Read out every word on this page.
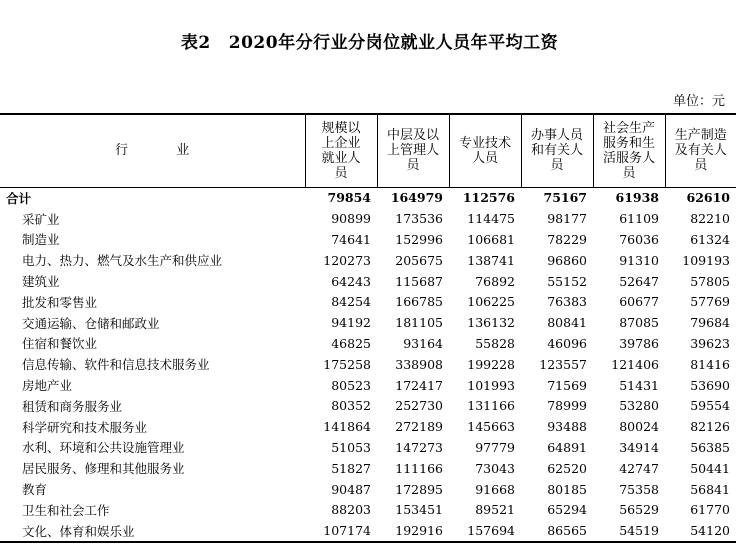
表2 2020年分行业分岗位就业人员年平均工资
单位：元
行 业	规模以上企业就业人员	中层及以上管理人员	专业技术人员	办事人员和有关人员	社会生产服务和生活服务人员	生产制造及有关人员
合计	79854	164979	112576	75167	61938	62610
采矿业	90899	173536	114475	98177	61109	82210
制造业	74641	152996	106681	78229	76036	61324
电力、热力、燃气及水生产和供应业	120273	205675	138741	96860	91310	109193
建筑业	64243	115687	76892	55152	52647	57805
批发和零售业	84254	166785	106225	76383	60677	57769
交通运输、仓储和邮政业	94192	181105	136132	80841	87085	79684
住宿和餐饮业	46825	93164	55828	46096	39786	39623
信息传输、软件和信息技术服务业	175258	338908	199228	123557	121406	81416
房地产业	80523	172417	101993	71569	51431	53690
租赁和商务服务业	80352	252730	131166	78999	53280	59554
科学研究和技术服务业	141864	272189	145663	93488	80024	82126
水利、环境和公共设施管理业	51053	147273	97779	64891	34914	56385
居民服务、修理和其他服务业	51827	111166	73043	62520	42747	50441
教育	90487	172895	91668	80185	75358	56841
卫生和社会工作	88203	153451	89521	65294	56529	61770
文化、体育和娱乐业	107174	192916	157694	86565	54519	54120
